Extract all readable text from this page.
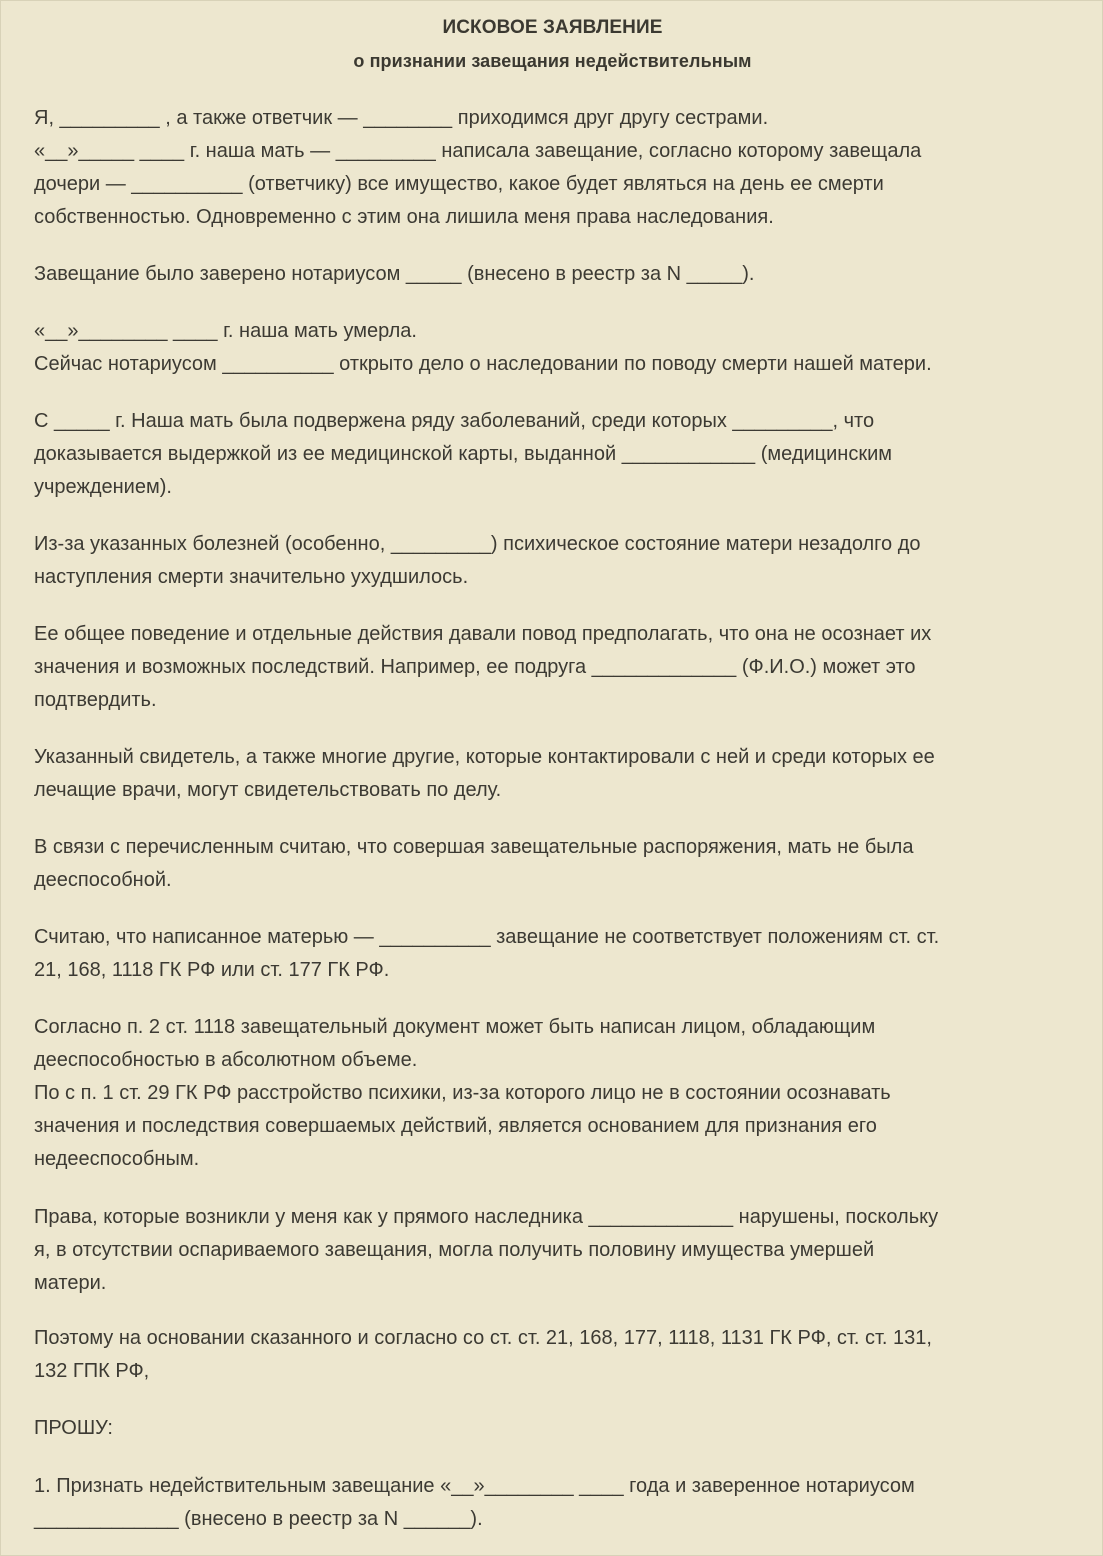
ИСКОВОЕ ЗАЯВЛЕНИЕ
о признании завещания недействительным
Я, _________ , а также ответчик — ________ приходимся друг другу сестрами.
«__»_____ ____ г. наша мать — _________ написала завещание, согласно которому завещала
дочери — __________ (ответчику) все имущество, какое будет являться на день ее смерти
собственностью. Одновременно с этим она лишила меня права наследования.
Завещание было заверено нотариусом _____ (внесено в реестр за N _____).
«__»________ ____ г. наша мать умерла.
Сейчас нотариусом __________ открыто дело о наследовании по поводу смерти нашей матери.
С _____ г. Наша мать была подвержена ряду заболеваний, среди которых _________, что
доказывается выдержкой из ее медицинской карты, выданной ____________ (медицинским
учреждением).
Из-за указанных болезней (особенно, _________) психическое состояние матери незадолго до
наступления смерти значительно ухудшилось.
Ее общее поведение и отдельные действия давали повод предполагать, что она не осознает их
значения и возможных последствий. Например, ее подруга _____________ (Ф.И.О.) может это
подтвердить.
Указанный свидетель, а также многие другие, которые контактировали с ней и среди которых ее
лечащие врачи, могут свидетельствовать по делу.
В связи с перечисленным считаю, что совершая завещательные распоряжения, мать не была
дееспособной.
Считаю, что написанное матерью — __________ завещание не соответствует положениям ст. ст.
21, 168, 1118 ГК РФ или ст. 177 ГК РФ.
Согласно п. 2 ст. 1118 завещательный документ может быть написан лицом, обладающим
дееспособностью в абсолютном объеме.
По с п. 1 ст. 29 ГК РФ расстройство психики, из-за которого лицо не в состоянии осознавать
значения и последствия совершаемых действий, является основанием для признания его
недееспособным.
Права, которые возникли у меня как у прямого наследника _____________ нарушены, поскольку
я, в отсутствии оспариваемого завещания, могла получить половину имущества умершей
матери.
Поэтому на основании сказанного и согласно со ст. ст. 21, 168, 177, 1118, 1131 ГК РФ, ст. ст. 131,
132 ГПК РФ,
ПРОШУ:
1. Признать недействительным завещание «__»________ ____ года и заверенное нотариусом
_____________ (внесено в реестр за N ______).
